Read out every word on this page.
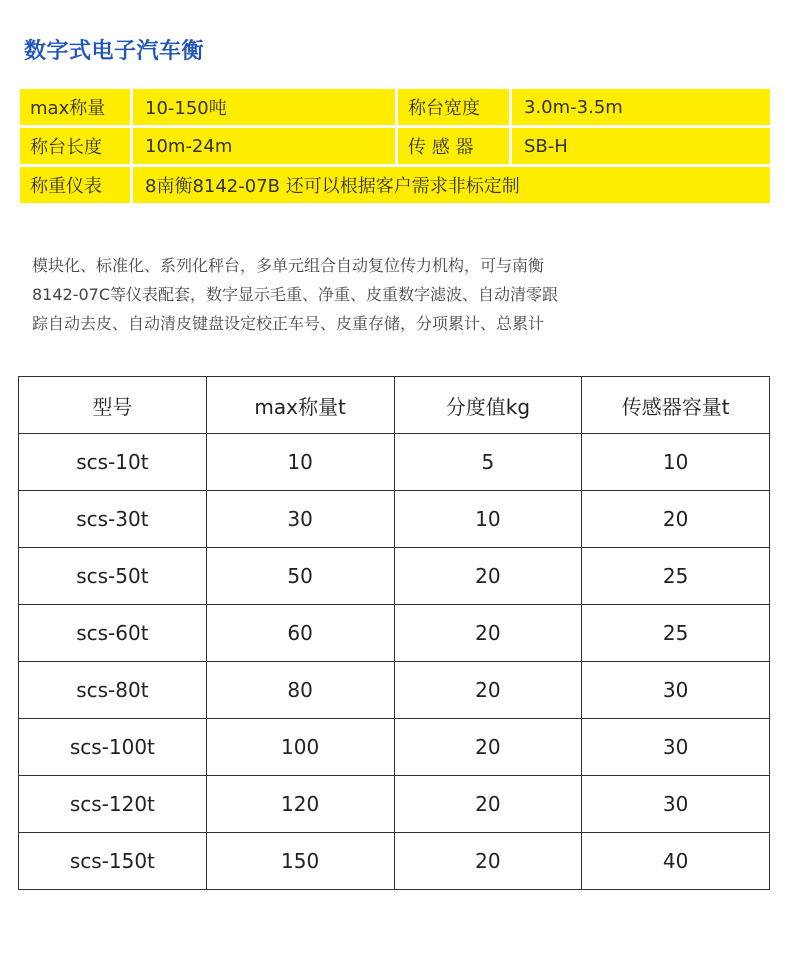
数字式电子汽车衡
max称量	10-150吨	称台宽度	3.0m-3.5m
称台长度	10m-24m	传 感 器	SB-H
称重仪表	8南衡8142-07B 还可以根据客户需求非标定制
模块化、标准化、系列化秤台，多单元组合自动复位传力机构，可与南衡
8142-07C等仪表配套，数字显示毛重、净重、皮重数字滤波、自动清零跟
踪自动去皮、自动清皮键盘设定校正车号、皮重存储，分项累计、总累计
型号	max称量t	分度值kg	传感器容量t
scs-10t	10	5	10
scs-30t	30	10	20
scs-50t	50	20	25
scs-60t	60	20	25
scs-80t	80	20	30
scs-100t	100	20	30
scs-120t	120	20	30
scs-150t	150	20	40
